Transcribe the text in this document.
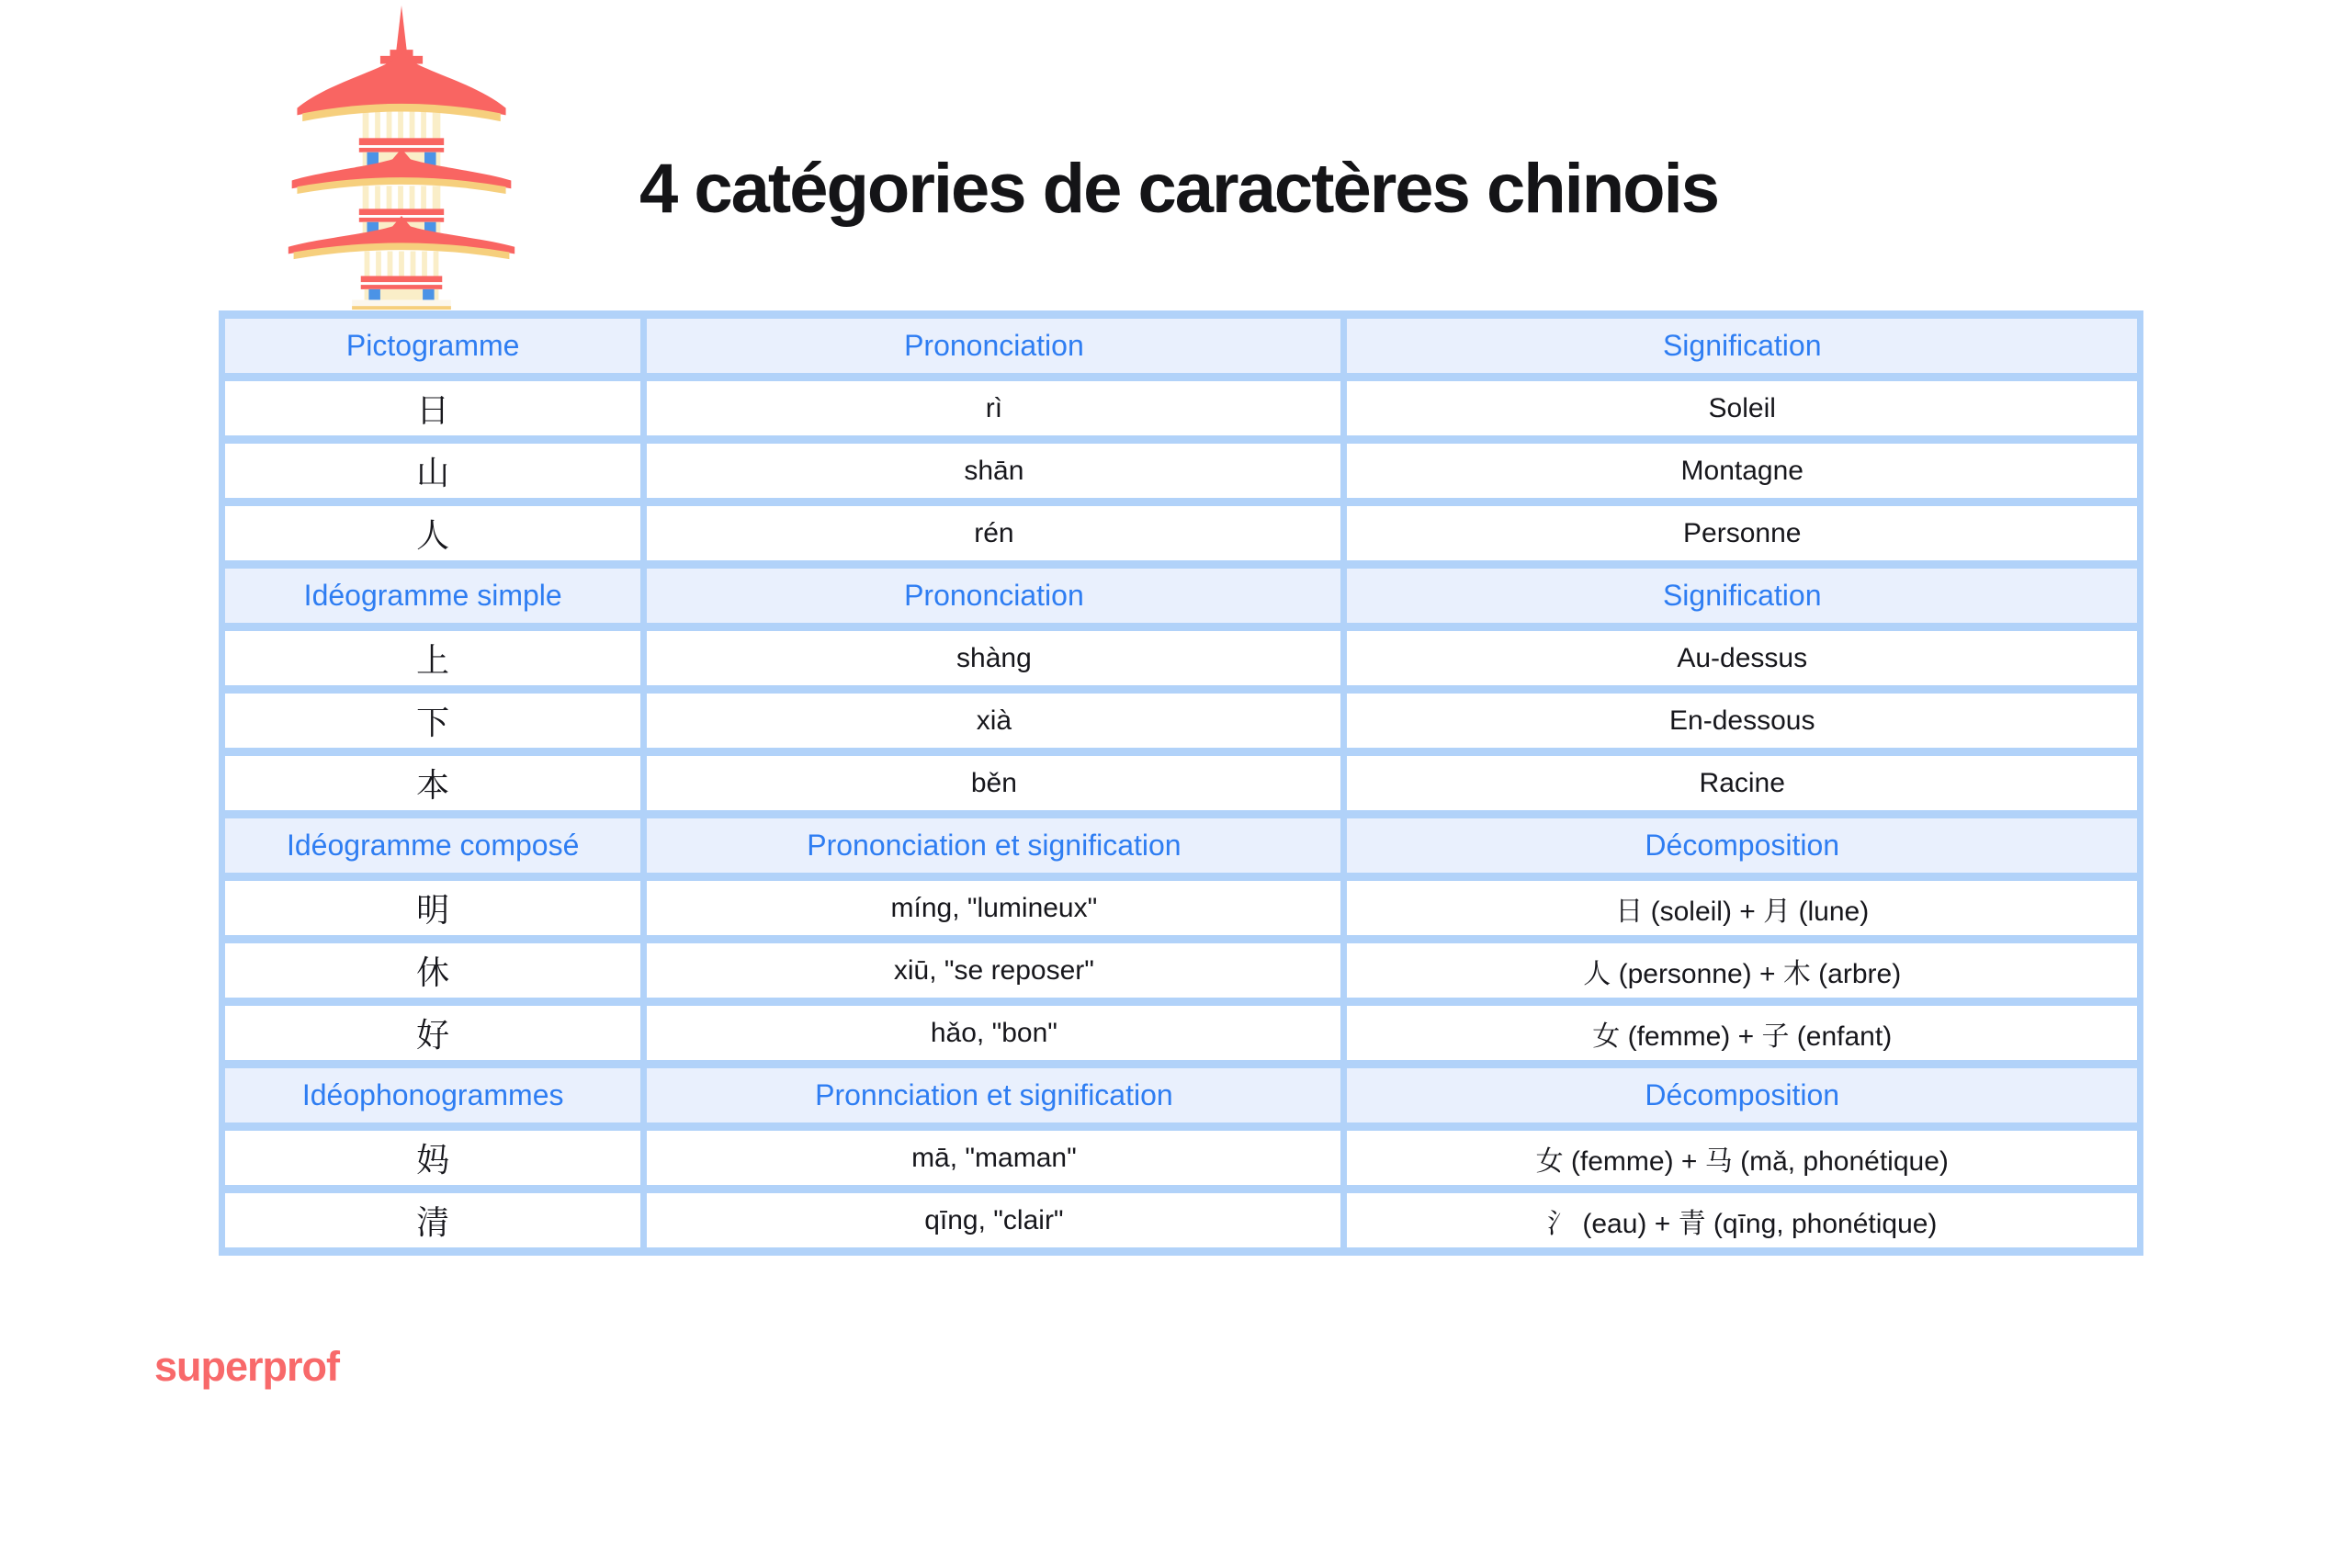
4 catégories de caractères chinois
Pictogramme	Prononciation	Signification
日	rì	Soleil
山	shān	Montagne
人	rén	Personne
Idéogramme simple	Prononciation	Signification
上	shàng	Au-dessus
下	xià	En-dessous
本	běn	Racine
Idéogramme composé	Prononciation et signification	Décomposition
明	míng, "lumineux"	日 (soleil) + 月 (lune)
休	xiū, "se reposer"	人 (personne) + 木 (arbre)
好	hǎo, "bon"	女 (femme) + 子 (enfant)
Idéophonogrammes	Pronnciation et signification	Décomposition
妈	mā, "maman"	女 (femme) + 马 (mǎ, phonétique)
清	qīng, "clair"	氵 (eau) + 青 (qīng, phonétique)
superprof
